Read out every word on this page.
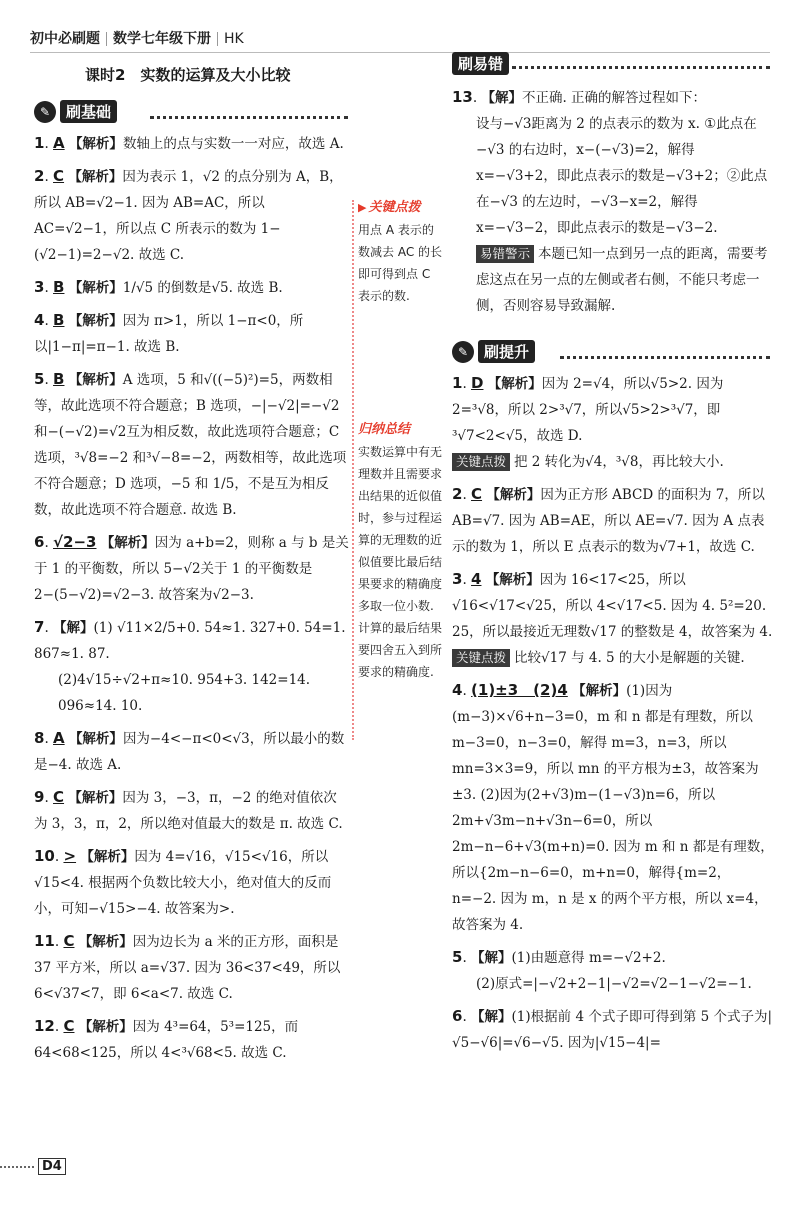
初中必刷题 数学七年级下册 HK
课时2　实数的运算及大小比较
✎	刷基础
1. A 【解析】数轴上的点与实数一一对应，故选 A.
2. C 【解析】因为表示 1，√2 的点分别为 A，B，所以 AB=√2−1. 因为 AB=AC，所以 AC=√2−1，所以点 C 所表示的数为 1−(√2−1)=2−√2. 故选 C.
3. B 【解析】1/√5 的倒数是√5. 故选 B.
4. B 【解析】因为 π>1，所以 1−π<0，所以|1−π|=π−1. 故选 B.
5. B 【解析】A 选项，5 和√((−5)²)=5，两数相等，故此选项不符合题意；B 选项，−|−√2|=−√2和−(−√2)=√2互为相反数，故此选项符合题意；C 选项，³√8=−2 和³√−8=−2，两数相等，故此选项不符合题意；D 选项，−5 和 1/5，不是互为相反数，故此选项不符合题意. 故选 B.
6. √2−3 【解析】因为 a+b=2，则称 a 与 b 是关于 1 的平衡数，所以 5−√2关于 1 的平衡数是 2−(5−√2)=√2−3. 故答案为√2−3.
7. 【解】(1) √11×2/5+0. 54≈1. 327+0. 54=1. 867≈1. 87.

(2)4√15÷√2+π≈10. 954+3. 142=14. 096≈14. 10.

8. A 【解析】因为−4<−π<0<√3，所以最小的数是−4. 故选 A.
9. C 【解析】因为 3，−3，π，−2 的绝对值依次为 3，3，π，2，所以绝对值最大的数是 π. 故选 C.
10. > 【解析】因为 4=√16，√15<√16，所以√15<4. 根据两个负数比较大小，绝对值大的反而小，可知−√15>−4. 故答案为>.
11. C 【解析】因为边长为 a 米的正方形，面积是 37 平方米，所以 a=√37. 因为 36<37<49，所以 6<√37<7，即 6<a<7. 故选 C.
12. C 【解析】因为 4³=64，5³=125，而 64<68<125，所以 4<³√68<5. 故选 C.
▶ 关键点拨
用点 A 表示的数减去 AC 的长即可得到点 C 表示的数.
归纳总结
实数运算中有无理数并且需要求出结果的近似值时，参与过程运算的无理数的近似值要比最后结果要求的精确度多取一位小数. 计算的最后结果要四舍五入到所要求的精确度.
刷易错
13. 【解】不正确. 正确的解答过程如下：

设与−√3距离为 2 的点表示的数为 x. ①此点在−√3 的右边时，x−(−√3)=2，解得 x=−√3+2，即此点表示的数是−√3+2；②此点在−√3 的左边时，−√3−x=2，解得 x=−√3−2，即此点表示的数是−√3−2.

易错警示 本题已知一点到另一点的距离，需要考虑这点在另一点的左侧或者右侧，不能只考虑一侧，否则容易导致漏解.

✎	刷提升
1. D 【解析】因为 2=√4，所以√5>2. 因为 2=³√8，所以 2>³√7，所以√5>2>³√7，即³√7<2<√5，故选 D.

关键点拨 把 2 转化为√4，³√8，再比较大小.

2. C 【解析】因为正方形 ABCD 的面积为 7，所以 AB=√7. 因为 AB=AE，所以 AE=√7. 因为 A 点表示的数为 1，所以 E 点表示的数为√7+1，故选 C.
3. 4 【解析】因为 16<17<25，所以√16<√17<√25，所以 4<√17<5. 因为 4. 5²=20. 25，所以最接近无理数√17 的整数是 4，故答案为 4.

关键点拨 比较√17 与 4. 5 的大小是解题的关键.

4. (1)±3　(2)4 【解析】(1)因为(m−3)×√6+n−3=0，m 和 n 都是有理数，所以 m−3=0，n−3=0，解得 m=3，n=3，所以 mn=3×3=9，所以 mn 的平方根为±3，故答案为±3. (2)因为(2+√3)m−(1−√3)n=6，所以 2m+√3m−n+√3n−6=0，所以 2m−n−6+√3(m+n)=0. 因为 m 和 n 都是有理数，所以{2m−n−6=0，m+n=0，解得{m=2，n=−2. 因为 m，n 是 x 的两个平方根，所以 x=4，故答案为 4.
5. 【解】(1)由题意得 m=−√2+2.

(2)原式=|−√2+2−1|−√2=√2−1−√2=−1.

6. 【解】(1)根据前 4 个式子即可得到第 5 个式子为|√5−√6|=√6−√5. 因为|√15−4|=
D4
